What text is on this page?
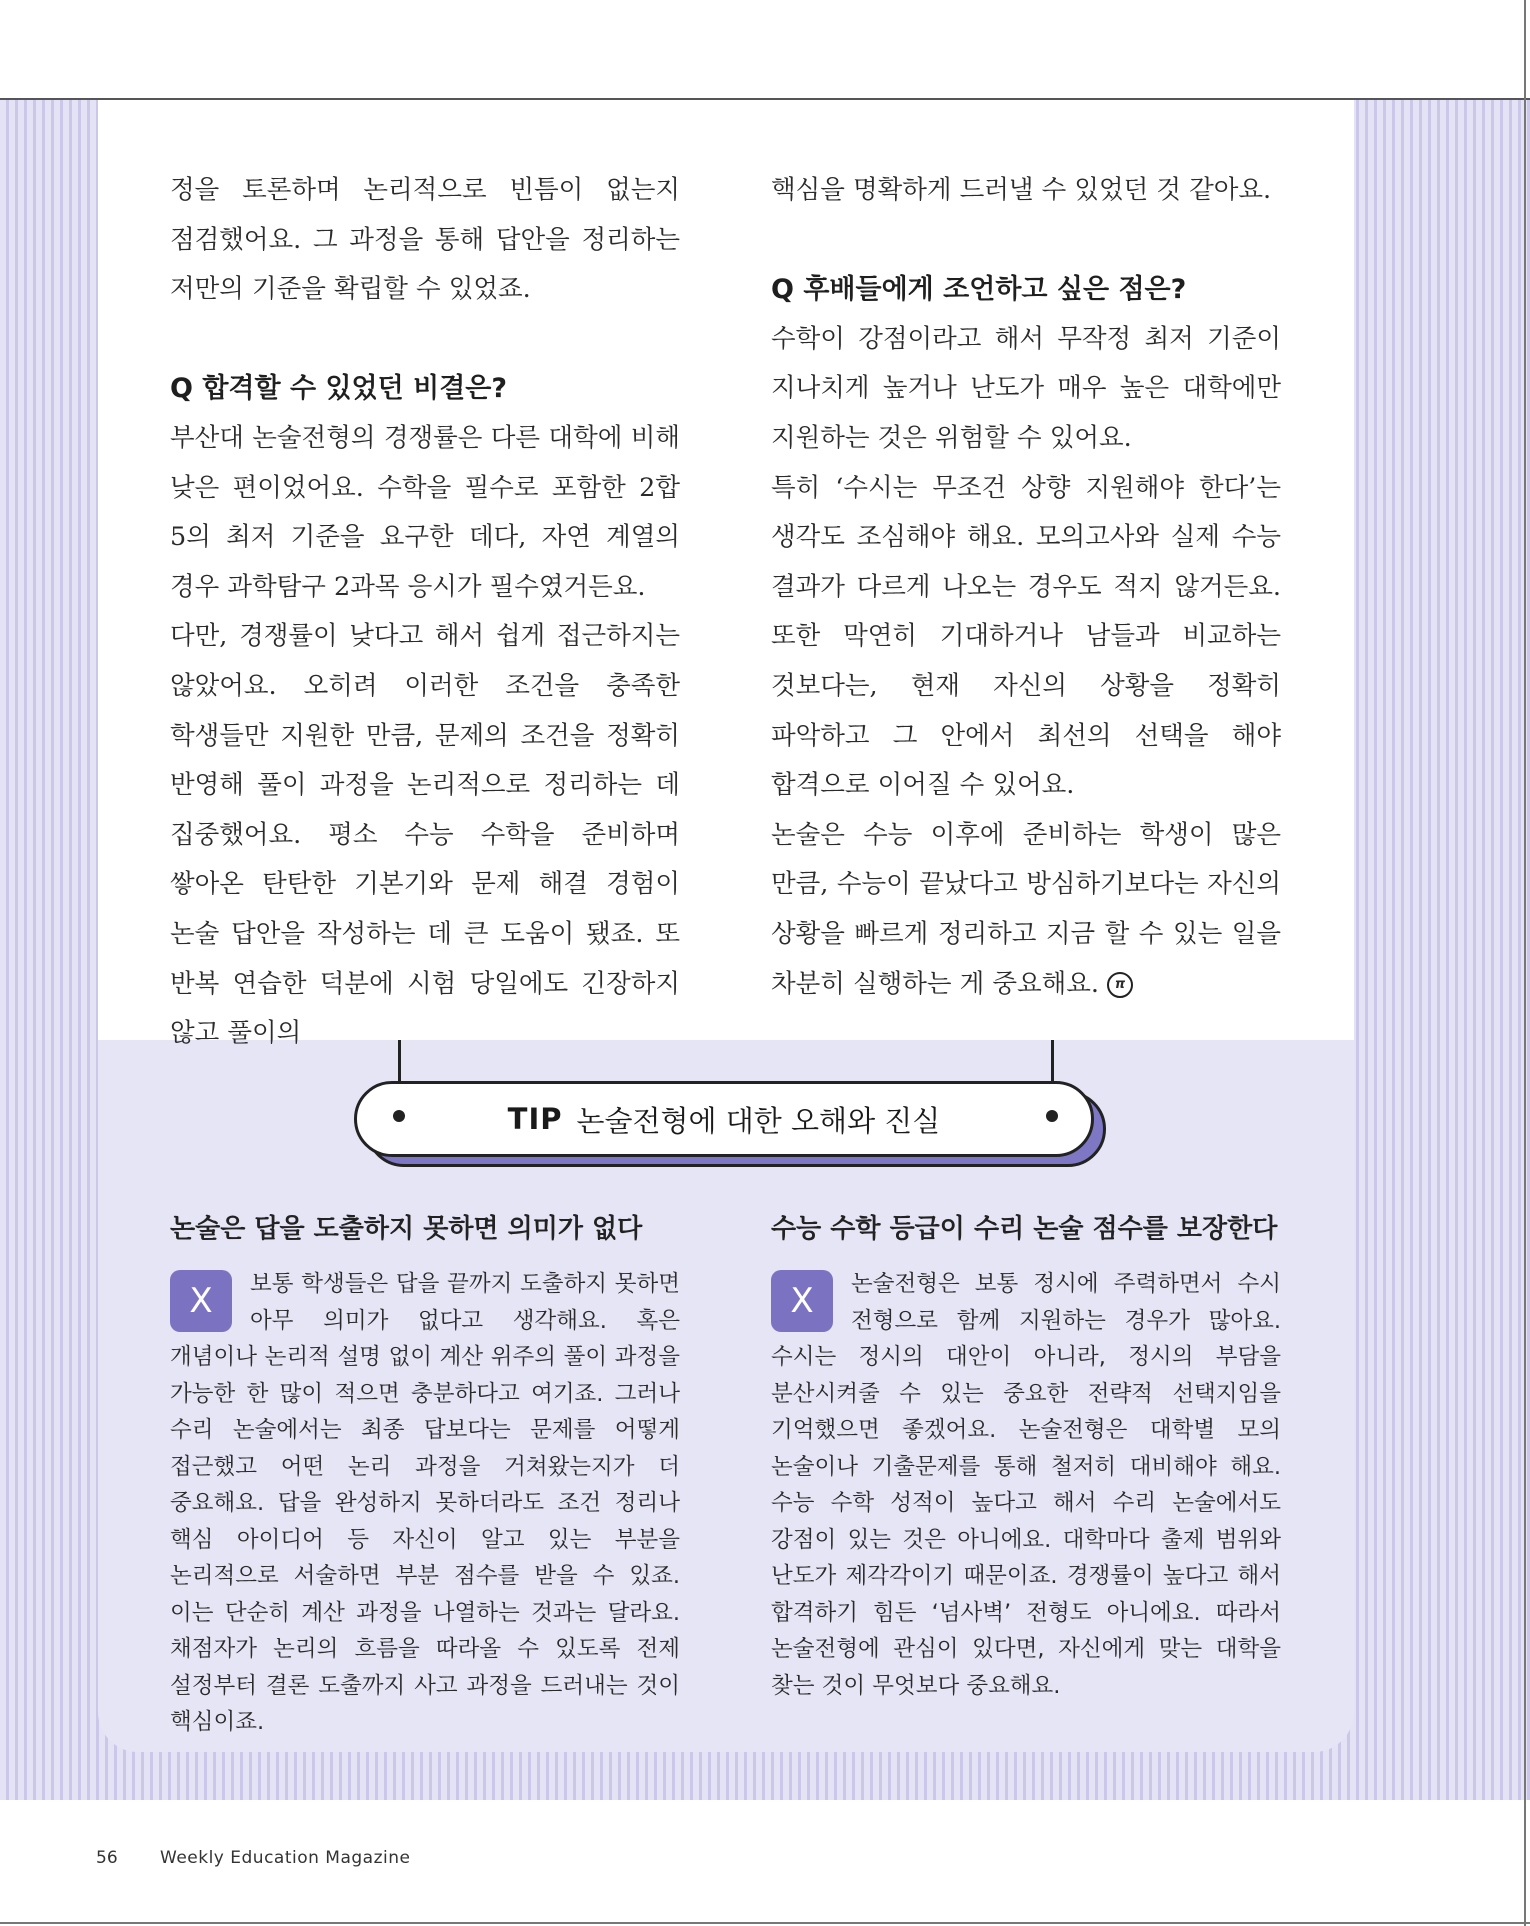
정을 토론하며 논리적으로 빈틈이 없는지 점검했어요. 그 과정을 통해 답안을 정리하는 저만의 기준을 확립할 수 있었죠.

Q 합격할 수 있었던 비결은?

부산대 논술전형의 경쟁률은 다른 대학에 비해 낮은 편이었어요. 수학을 필수로 포함한 2합 5의 최저 기준을 요구한 데다, 자연 계열의 경우 과학탐구 2과목 응시가 필수였거든요.

다만, 경쟁률이 낮다고 해서 쉽게 접근하지는 않았어요. 오히려 이러한 조건을 충족한 학생들만 지원한 만큼, 문제의 조건을 정확히 반영해 풀이 과정을 논리적으로 정리하는 데 집중했어요. 평소 수능 수학을 준비하며 쌓아온 탄탄한 기본기와 문제 해결 경험이 논술 답안을 작성하는 데 큰 도움이 됐죠. 또 반복 연습한 덕분에 시험 당일에도 긴장하지 않고 풀이의

핵심을 명확하게 드러낼 수 있었던 것 같아요.

Q 후배들에게 조언하고 싶은 점은?

수학이 강점이라고 해서 무작정 최저 기준이 지나치게 높거나 난도가 매우 높은 대학에만 지원하는 것은 위험할 수 있어요.

특히 ‘수시는 무조건 상향 지원해야 한다’는 생각도 조심해야 해요. 모의고사와 실제 수능 결과가 다르게 나오는 경우도 적지 않거든요. 또한 막연히 기대하거나 남들과 비교하는 것보다는, 현재 자신의 상황을 정확히 파악하고 그 안에서 최선의 선택을 해야 합격으로 이어질 수 있어요.

논술은 수능 이후에 준비하는 학생이 많은 만큼, 수능이 끝났다고 방심하기보다는 자신의 상황을 빠르게 정리하고 지금 할 수 있는 일을 차분히 실행하는 게 중요해요. π

TIP 논술전형에 대한 오해와 진실
논술은 답을 도출하지 못하면 의미가 없다
X	보통 학생들은 답을 끝까지 도출하지 못하면 아무 의미가 없다고 생각해요. 혹은 개념이나 논리적 설명 없이 계산 위주의 풀이 과정을 가능한 한 많이 적으면 충분하다고 여기죠. 그러나 수리 논술에서는 최종 답보다는 문제를 어떻게 접근했고 어떤 논리 과정을 거쳐왔는지가 더 중요해요. 답을 완성하지 못하더라도 조건 정리나 핵심 아이디어 등 자신이 알고 있는 부분을 논리적으로 서술하면 부분 점수를 받을 수 있죠. 이는 단순히 계산 과정을 나열하는 것과는 달라요. 채점자가 논리의 흐름을 따라올 수 있도록 전제 설정부터 결론 도출까지 사고 과정을 드러내는 것이 핵심이죠.
수능 수학 등급이 수리 논술 점수를 보장한다
X	논술전형은 보통 정시에 주력하면서 수시 전형으로 함께 지원하는 경우가 많아요. 수시는 정시의 대안이 아니라, 정시의 부담을 분산시켜줄 수 있는 중요한 전략적 선택지임을 기억했으면 좋겠어요. 논술전형은 대학별 모의 논술이나 기출문제를 통해 철저히 대비해야 해요. 수능 수학 성적이 높다고 해서 수리 논술에서도 강점이 있는 것은 아니에요. 대학마다 출제 범위와 난도가 제각각이기 때문이죠. 경쟁률이 높다고 해서 합격하기 힘든 ‘넘사벽’ 전형도 아니에요. 따라서 논술전형에 관심이 있다면, 자신에게 맞는 대학을 찾는 것이 무엇보다 중요해요.
56 Weekly Education Magazine
